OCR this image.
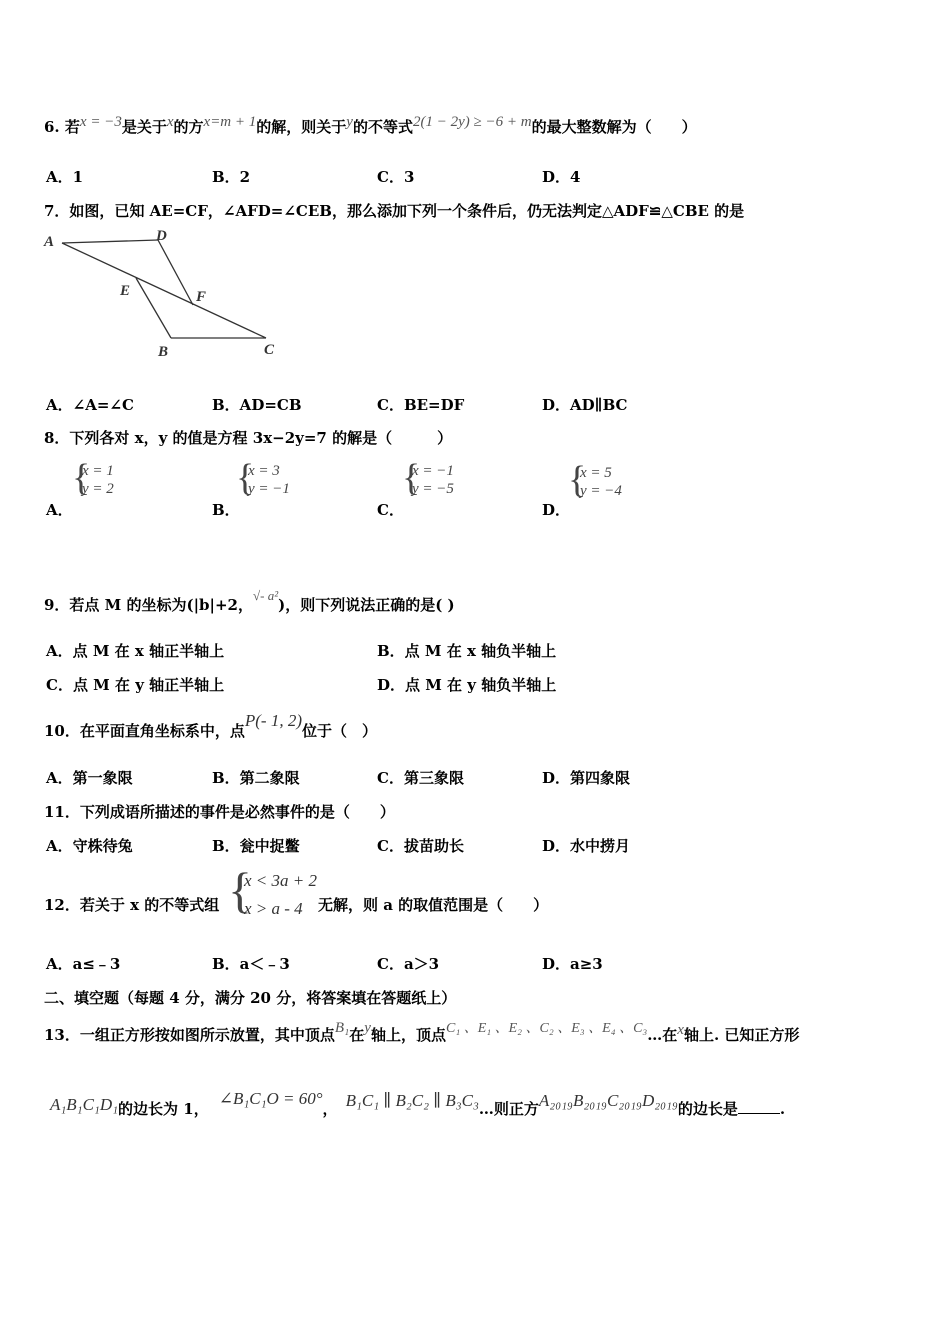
6. 若x = −3是关于x的方x=m + 1的解，则关于y的不等式2(1 − 2y) ≥ −6 + m的最大整数解为（　　）
A．1	B．2	C．3	D．4
7．如图，已知 AE=CF，∠AFD=∠CEB，那么添加下列一个条件后，仍无法判定△ADF≌△CBE 的是
A	D
E	F
B	C
A．∠A=∠C	B．AD=CB	C．BE=DF	D．AD∥BC
8．下列各对 x，y 的值是方程 3x−2y=7 的解是（　　　）
A．
{
x = 1
y = 2
B．
{
x = 3
y = −1
C．
{
x = −1
y = −5
D．
{
x = 5
y = −4
9．若点 M 的坐标为(|b|+2，√- a²)，则下列说法正确的是( )
A．点 M 在 x 轴正半轴上	B．点 M 在 x 轴负半轴上
C．点 M 在 y 轴正半轴上	D．点 M 在 y 轴负半轴上
10．在平面直角坐标系中，点P(- 1, 2)位于（　）
A．第一象限	B．第二象限	C．第三象限	D．第四象限
11．下列成语所描述的事件是必然事件的是（　　）
A．守株待兔	B．瓮中捉鳖	C．拔苗助长	D．水中捞月
12．若关于 x 的不等式组 {
x < 3a + 2
x > a - 4	无解，则 a 的取值范围是（　　）
A．a≤﹣3	B．a＜﹣3	C．a＞3	D．a≥3
二、填空题（每题 4 分，满分 20 分，将答案填在答题纸上）
13．一组正方形按如图所示放置，其中顶点B₁在y轴上，顶点C₁ 、E₁ 、E₂ 、C₂ 、E₃ 、E₄ 、C₃…在x轴上. 已知正方形
A₁B₁C₁D₁的边长为 1，∠B₁C₁O = 60°， B₁C₁ ∥ B₂C₂ ∥ B₃C₃…则正方A₂₀₁₉B₂₀₁₉C₂₀₁₉D₂₀₁₉的边长是	.
